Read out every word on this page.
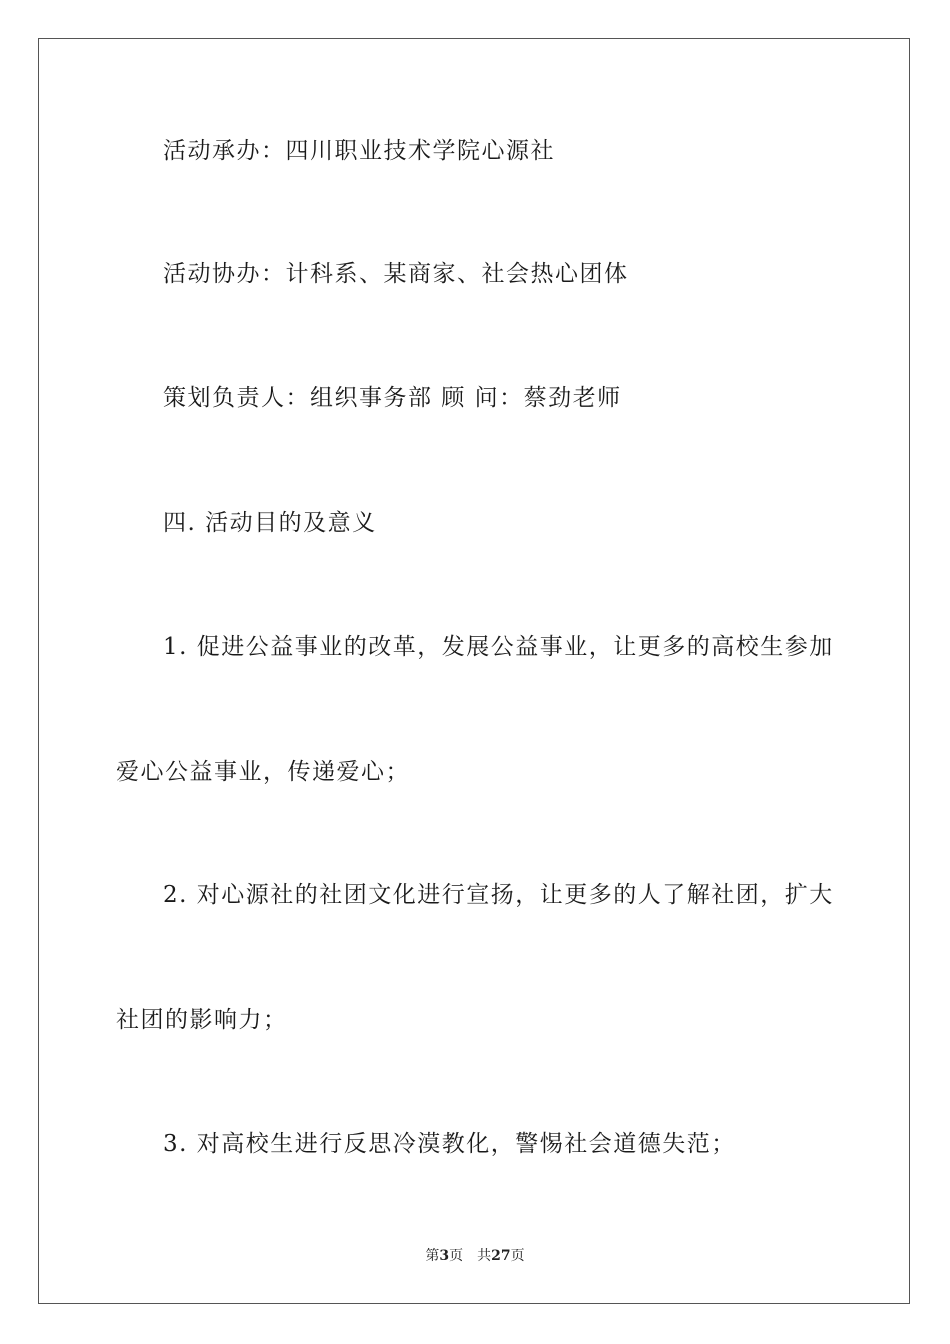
活动承办：四川职业技术学院心源社
活动协办：计科系、某商家、社会热心团体
策划负责人：组织事务部 顾 问：蔡劲老师
四. 活动目的及意义
1. 促进公益事业的改革，发展公益事业，让更多的高校生参加
爱心公益事业，传递爱心；
2. 对心源社的社团文化进行宣扬，让更多的人了解社团，扩大
社团的影响力；
3. 对高校生进行反思冷漠教化，警惕社会道德失范；
第3页 共27页
